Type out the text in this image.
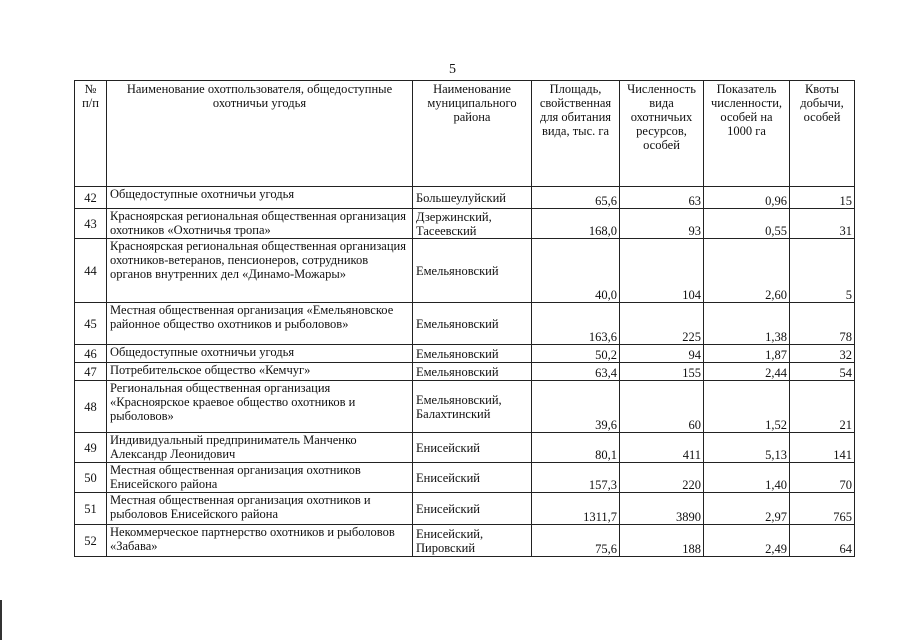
5
№ п/п	Наименование охотпользователя, общедоступные охотничьи угодья	Наименование муниципального района	Площадь, свойственная для обитания вида, тыс. га	Численность вида охотничьих ресурсов, особей	Показатель численности, особей на 1000 га	Квоты добычи, особей
42	Общедоступные охотничьи угодья	Большеулуйский	65,6	63	0,96	15
43	Красноярская региональная общественная организация охотников «Охотничья тропа»	Дзержинский, Тасеевский	168,0	93	0,55	31
44	Красноярская региональная общественная организация охотников-ветеранов, пенсионеров, сотрудников органов внутренних дел «Динамо-Можары»	Емельяновский	40,0	104	2,60	5
45	Местная общественная организация «Емельяновское районное общество охотников и рыболовов»	Емельяновский	163,6	225	1,38	78
46	Общедоступные охотничьи угодья	Емельяновский	50,2	94	1,87	32
47	Потребительское общество «Кемчуг»	Емельяновский	63,4	155	2,44	54
48	Региональная общественная организация «Красноярское краевое общество охотников и рыболовов»	Емельяновский, Балахтинский	39,6	60	1,52	21
49	Индивидуальный предприниматель Манченко Александр Леонидович	Енисейский	80,1	411	5,13	141
50	Местная общественная организация охотников Енисейского района	Енисейский	157,3	220	1,40	70
51	Местная общественная организация охотников и рыболовов Енисейского района	Енисейский	1311,7	3890	2,97	765
52	Некоммерческое партнерство охотников и рыболовов «Забава»	Енисейский, Пировский	75,6	188	2,49	64
